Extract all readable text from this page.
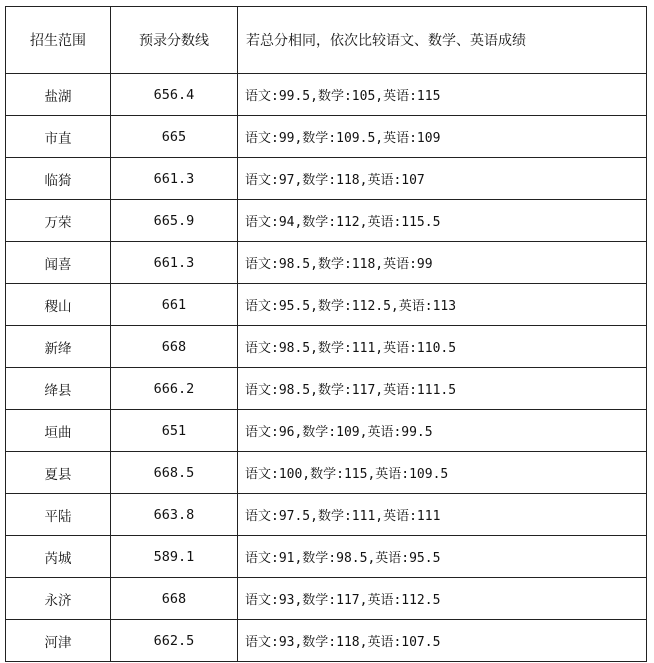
招生范围	预录分数线	若总分相同，依次比较语文、数学、英语成绩
盐湖	656.4	语文:99.5,数学:105,英语:115
市直	665	语文:99,数学:109.5,英语:109
临猗	661.3	语文:97,数学:118,英语:107
万荣	665.9	语文:94,数学:112,英语:115.5
闻喜	661.3	语文:98.5,数学:118,英语:99
稷山	661	语文:95.5,数学:112.5,英语:113
新绛	668	语文:98.5,数学:111,英语:110.5
绛县	666.2	语文:98.5,数学:117,英语:111.5
垣曲	651	语文:96,数学:109,英语:99.5
夏县	668.5	语文:100,数学:115,英语:109.5
平陆	663.8	语文:97.5,数学:111,英语:111
芮城	589.1	语文:91,数学:98.5,英语:95.5
永济	668	语文:93,数学:117,英语:112.5
河津	662.5	语文:93,数学:118,英语:107.5
